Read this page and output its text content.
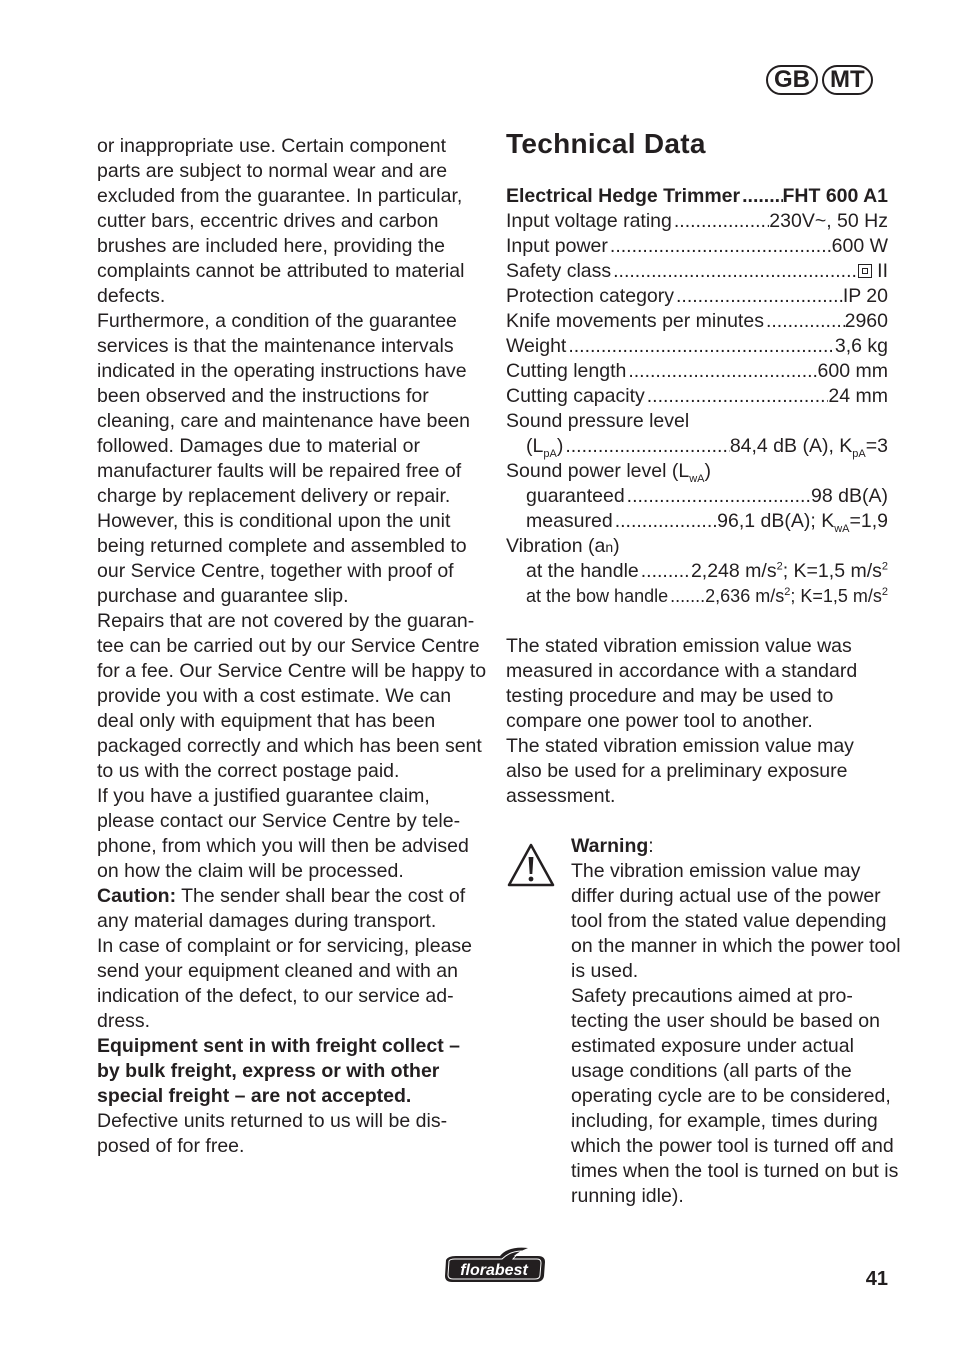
GB MT

or inappropriate use. Certain component parts are subject to normal wear and are excluded from the guarantee. In particular, cutter bars, eccentric drives and carbon brushes are included here, providing the complaints cannot be attributed to material defects.

Furthermore, a condition of the guarantee services is that the maintenance intervals indicated in the operating instructions have been observed and the instructions for cleaning, care and maintenance have been followed. Damages due to material or manufacturer faults will be repaired free of charge by replacement delivery or repair.

However, this is conditional upon the unit being returned complete and assembled to our Service Centre, together with proof of purchase and guarantee slip.

Repairs that are not covered by the guaran-tee can be carried out by our Service Centre for a fee. Our Service Centre will be happy to provide you with a cost estimate. We can deal only with equipment that has been packaged correctly and which has been sent to us with the correct postage paid.

If you have a justified guarantee claim, please contact our Service Centre by tele-phone, from which you will then be advised on how the claim will be processed.

Caution: The sender shall bear the cost of any material damages during transport.

In case of complaint or for servicing, please send your equipment cleaned and with an indication of the defect, to our service ad-dress.

Equipment sent in with freight collect – by bulk freight, express or with other special freight – are not accepted.

Defective units returned to us will be dis-posed of for free.

Technical Data
Electrical Hedge Trimmer ..... FHT 600 A1
Input voltage rating .....	230V~, 50 Hz
Input power .....	600 W
Safety class .....	II
Protection category .....	IP 20
Knife movements per minutes .....	2960
Weight .....	3,6 kg
Cutting length .....	600 mm
Cutting capacity .....	24 mm
Sound pressure level
$(L_{pA})$ .....	84,4 dB (A), $K_{pA}=3$
Sound power level $(L_{wA})$
guaranteed .....	98 dB(A)
measured .....	96,1 dB(A); $K_{wA}=1,9$
Vibration (an)
at the handle .....	2,248 $m/s^2$; K=1,5 $m/s^2$
at the bow handle ..... 2,636 $m/s^2$; K=1,5 $m/s^2$

The stated vibration emission value was measured in accordance with a standard testing procedure and may be used to compare one power tool to another.

The stated vibration emission value may also be used for a preliminary exposure assessment.

Warning:

The vibration emission value may differ during actual use of the power tool from the stated value depending on the manner in which the power tool is used.

Safety precautions aimed at pro-tecting the user should be based on estimated exposure under actual usage conditions (all parts of the operating cycle are to be considered, including, for example, times during which the power tool is turned off and times when the tool is turned on but is running idle).

florabest	41
